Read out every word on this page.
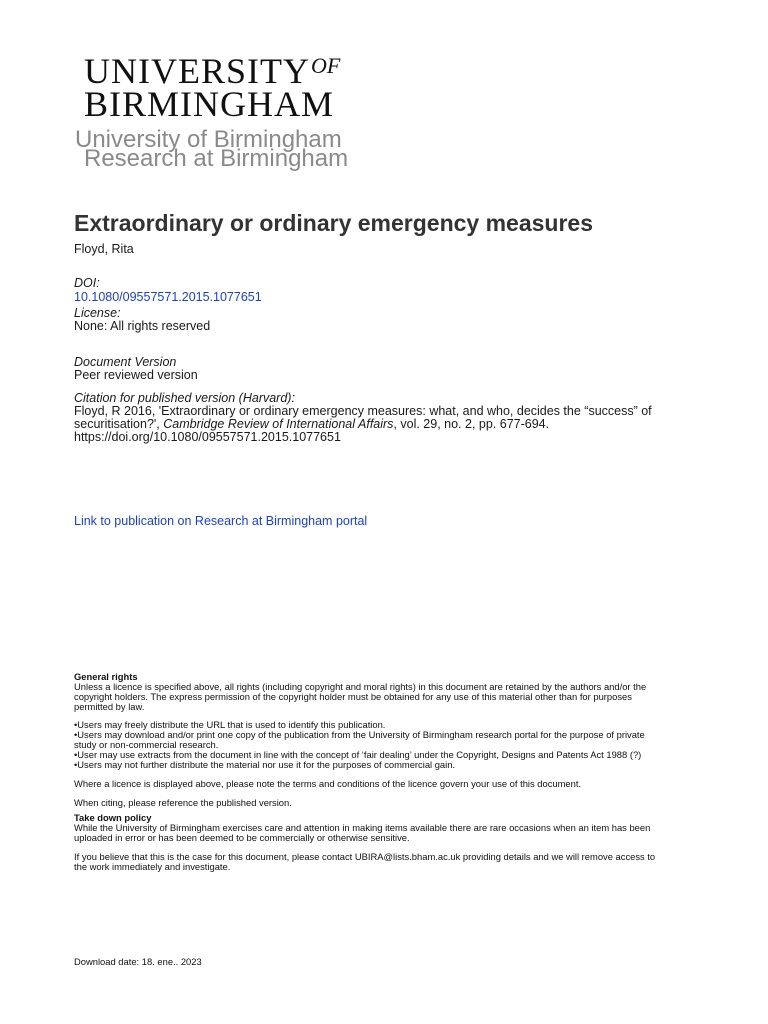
$UNIVERSITY^{OF}$
BIRMINGHAM
University of Birmingham
Research at Birmingham
Extraordinary or ordinary emergency measures
Floyd, Rita
DOI:
10.1080/09557571.2015.1077651
License:
None: All rights reserved
Document Version
Peer reviewed version
Citation for published version (Harvard):
Floyd, R 2016, 'Extraordinary or ordinary emergency measures: what, and who, decides the “success” of
securitisation?', Cambridge Review of International Affairs, vol. 29, no. 2, pp. 677-694.
https://doi.org/10.1080/09557571.2015.1077651
Link to publication on Research at Birmingham portal
General rights
Unless a licence is specified above, all rights (including copyright and moral rights) in this document are retained by the authors and/or the
copyright holders. The express permission of the copyright holder must be obtained for any use of this material other than for purposes
permitted by law.
•Users may freely distribute the URL that is used to identify this publication.
•Users may download and/or print one copy of the publication from the University of Birmingham research portal for the purpose of private
study or non-commercial research.
•User may use extracts from the document in line with the concept of ‘fair dealing’ under the Copyright, Designs and Patents Act 1988 (?)
•Users may not further distribute the material nor use it for the purposes of commercial gain.
Where a licence is displayed above, please note the terms and conditions of the licence govern your use of this document.
When citing, please reference the published version.
Take down policy
While the University of Birmingham exercises care and attention in making items available there are rare occasions when an item has been
uploaded in error or has been deemed to be commercially or otherwise sensitive.
If you believe that this is the case for this document, please contact UBIRA@lists.bham.ac.uk providing details and we will remove access to
the work immediately and investigate.
Download date: 18. ene.. 2023
